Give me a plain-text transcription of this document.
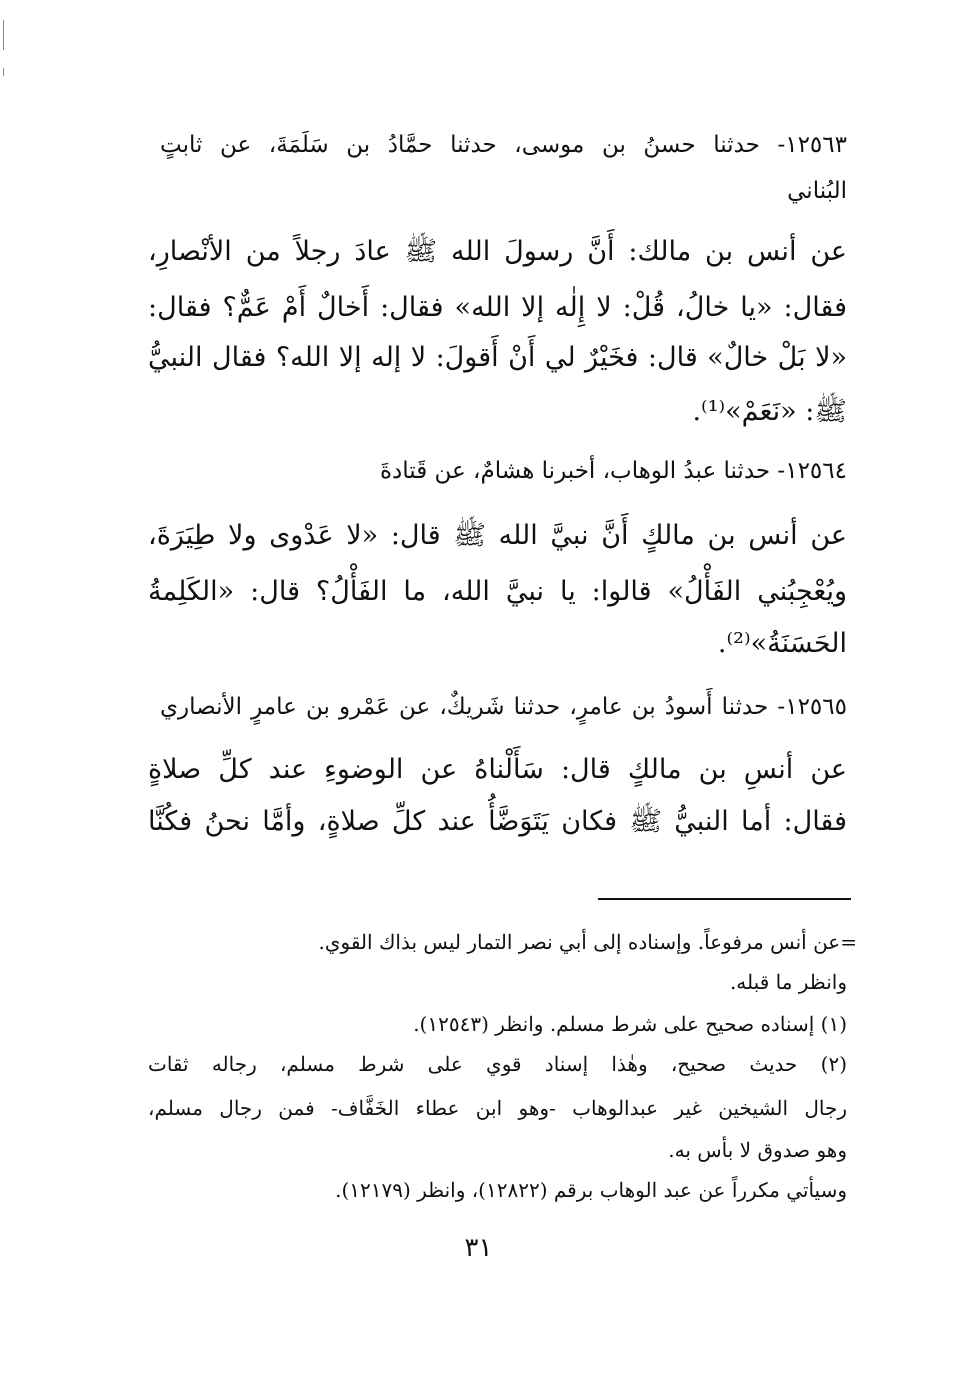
١٢٥٦٣- حدثنا حسنُ بن موسى، حدثنا حمَّادُ بن سَلَمَةَ، عن ثابتٍ
البُناني
عن أنس بن مالك: أَنَّ رسولَ الله ﷺ عادَ رجلاً من الأنْصارِ،
فقال: «يا خالُ، قُلْ: لا إِلٰه إلا الله» فقال: أَخالٌ أَمْ عَمٌّ؟ فقال:
«لا بَلْ خالٌ» قال: فخَيْرٌ لي أَنْ أَقولَ: لا إله إلا الله؟ فقال النبيُّ
ﷺ: «نَعَمْ»⁽¹⁾.
١٢٥٦٤- حدثنا عبدُ الوهاب، أخبرنا هشامٌ، عن قَتادةَ
عن أنس بن مالكٍ أَنَّ نبيَّ الله ﷺ قال: «لا عَدْوى ولا طِيَرَةَ،
ويُعْجِبُني الفَأْلُ» قالوا: يا نبيَّ الله، ما الفَأْلُ؟ قال: «الكَلِمةُ
الحَسَنَةُ»⁽²⁾.
١٢٥٦٥- حدثنا أَسودُ بن عامرٍ، حدثنا شَريكٌ، عن عَمْرو بن عامرٍ الأنصاري
عن أنسِ بن مالكٍ قال: سَأَلْناهُ عن الوضوءِ عند كلِّ صلاةٍ
فقال: أما النبيُّ ﷺ فكان يَتَوَضَّأُ عند كلِّ صلاةٍ، وأمَّا نحنُ فكُنَّا
=عن أنس مرفوعاً. وإسناده إلى أبي نصر التمار ليس بذاك القوي.
وانظر ما قبله.
(١) إسناده صحيح على شرط مسلم. وانظر (١٢٥٤٣).
(٢) حديث صحيح، وهٰذا إسناد قوي على شرط مسلم، رجاله ثقات
رجال الشيخين غير عبدالوهاب -وهو ابن عطاء الخَفَّاف- فمن رجال مسلم،
وهو صدوق لا بأس به.
وسيأتي مكرراً عن عبد الوهاب برقم (١٢٨٢٢)، وانظر (١٢١٧٩).
٣١
